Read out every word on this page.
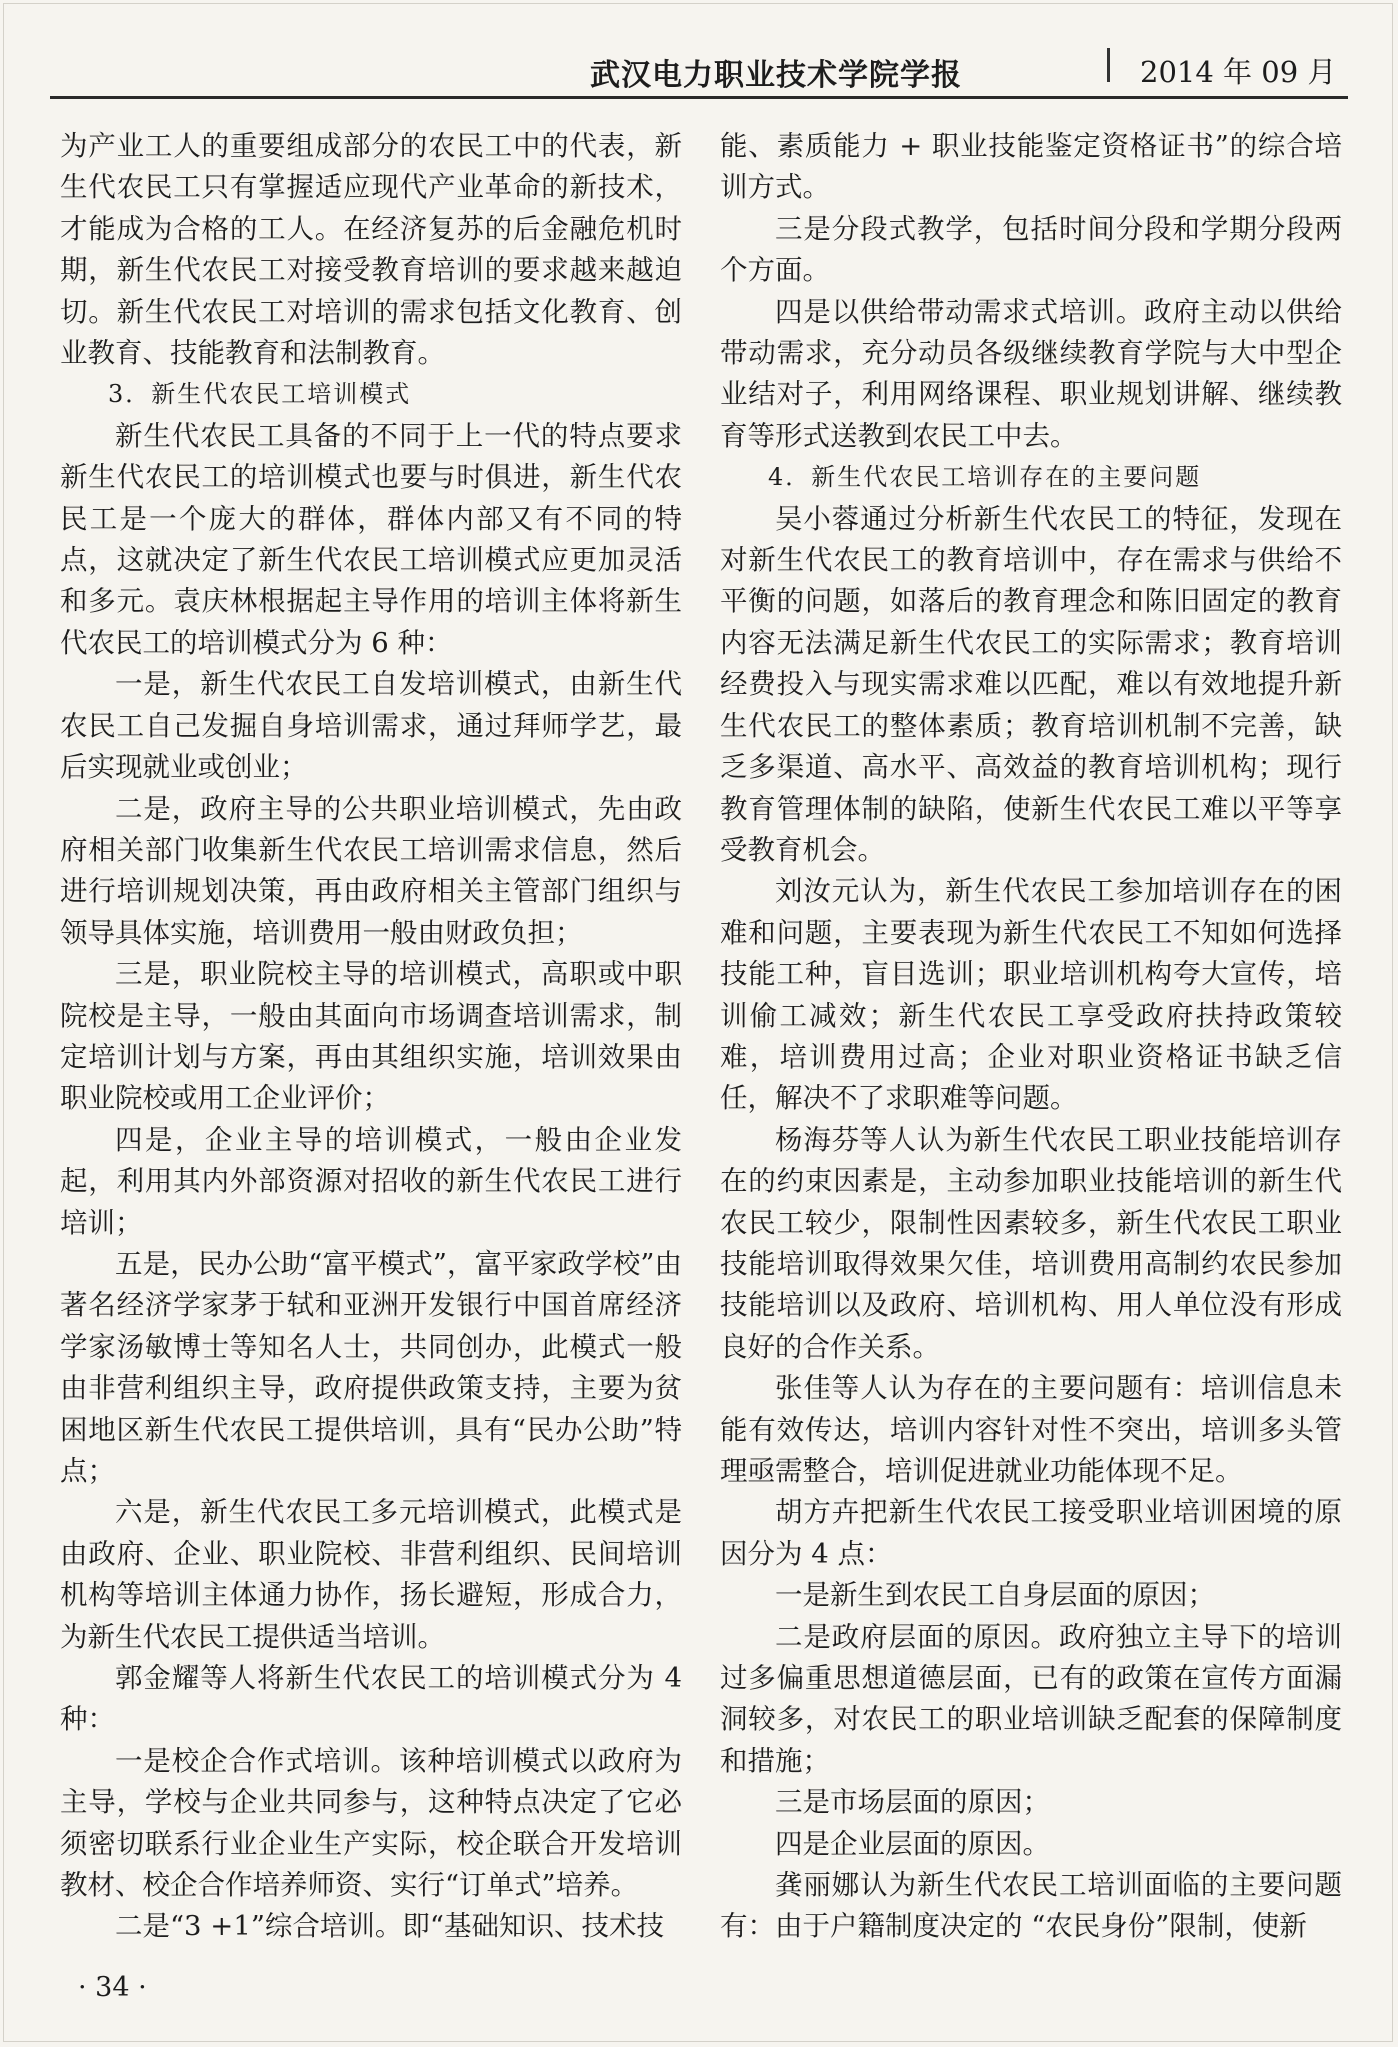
武汉电力职业技术学院学报	2014 年 09 月

为产业工人的重要组成部分的农民工中的代表，新生代农民工只有掌握适应现代产业革命的新技术，才能成为合格的工人。在经济复苏的后金融危机时期，新生代农民工对接受教育培训的要求越来越迫切。新生代农民工对培训的需求包括文化教育、创业教育、技能教育和法制教育。

3．新生代农民工培训模式

新生代农民工具备的不同于上一代的特点要求新生代农民工的培训模式也要与时俱进，新生代农民工是一个庞大的群体，群体内部又有不同的特点，这就决定了新生代农民工培训模式应更加灵活和多元。袁庆林根据起主导作用的培训主体将新生代农民工的培训模式分为 6 种：

一是，新生代农民工自发培训模式，由新生代农民工自己发掘自身培训需求，通过拜师学艺，最后实现就业或创业；

二是，政府主导的公共职业培训模式，先由政府相关部门收集新生代农民工培训需求信息，然后进行培训规划决策，再由政府相关主管部门组织与领导具体实施，培训费用一般由财政负担；

三是，职业院校主导的培训模式，高职或中职院校是主导，一般由其面向市场调查培训需求，制定培训计划与方案，再由其组织实施，培训效果由职业院校或用工企业评价；

四是，企业主导的培训模式，一般由企业发起，利用其内外部资源对招收的新生代农民工进行培训；

五是，民办公助“富平模式”，富平家政学校”由著名经济学家茅于轼和亚洲开发银行中国首席经济学家汤敏博士等知名人士，共同创办，此模式一般由非营利组织主导，政府提供政策支持，主要为贫困地区新生代农民工提供培训，具有“民办公助”特点；

六是，新生代农民工多元培训模式，此模式是由政府、企业、职业院校、非营利组织、民间培训机构等培训主体通力协作，扬长避短，形成合力，为新生代农民工提供适当培训。

郭金耀等人将新生代农民工的培训模式分为 4 种：

一是校企合作式培训。该种培训模式以政府为主导，学校与企业共同参与，这种特点决定了它必须密切联系行业企业生产实际，校企联合开发培训教材、校企合作培养师资、实行“订单式”培养。

二是“3 +1”综合培训。即“基础知识、技术技

能、素质能力 + 职业技能鉴定资格证书”的综合培训方式。

三是分段式教学，包括时间分段和学期分段两个方面。

四是以供给带动需求式培训。政府主动以供给带动需求，充分动员各级继续教育学院与大中型企业结对子，利用网络课程、职业规划讲解、继续教育等形式送教到农民工中去。

4．新生代农民工培训存在的主要问题

吴小蓉通过分析新生代农民工的特征，发现在对新生代农民工的教育培训中，存在需求与供给不平衡的问题，如落后的教育理念和陈旧固定的教育内容无法满足新生代农民工的实际需求；教育培训经费投入与现实需求难以匹配，难以有效地提升新生代农民工的整体素质；教育培训机制不完善，缺乏多渠道、高水平、高效益的教育培训机构；现行教育管理体制的缺陷，使新生代农民工难以平等享受教育机会。

刘汝元认为，新生代农民工参加培训存在的困难和问题，主要表现为新生代农民工不知如何选择技能工种，盲目选训；职业培训机构夸大宣传，培训偷工减效；新生代农民工享受政府扶持政策较难，培训费用过高；企业对职业资格证书缺乏信任，解决不了求职难等问题。

杨海芬等人认为新生代农民工职业技能培训存在的约束因素是，主动参加职业技能培训的新生代农民工较少，限制性因素较多，新生代农民工职业技能培训取得效果欠佳，培训费用高制约农民参加技能培训以及政府、培训机构、用人单位没有形成良好的合作关系。

张佳等人认为存在的主要问题有：培训信息未能有效传达，培训内容针对性不突出，培训多头管理亟需整合，培训促进就业功能体现不足。

胡方卉把新生代农民工接受职业培训困境的原因分为 4 点：

一是新生到农民工自身层面的原因；

二是政府层面的原因。政府独立主导下的培训过多偏重思想道德层面，已有的政策在宣传方面漏洞较多，对农民工的职业培训缺乏配套的保障制度和措施；

三是市场层面的原因；

四是企业层面的原因。

龚丽娜认为新生代农民工培训面临的主要问题有：由于户籍制度决定的 “农民身份”限制，使新

· 34 ·
